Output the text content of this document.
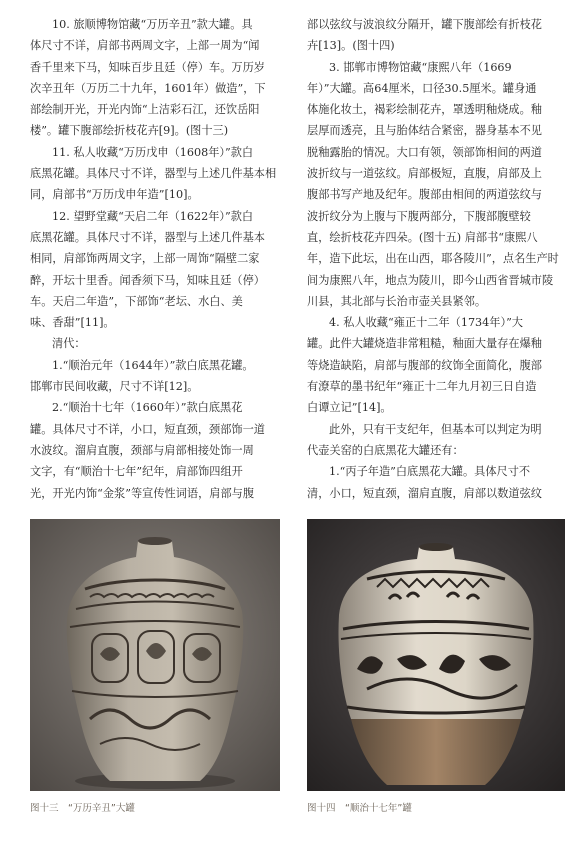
10. 旅顺博物馆藏“万历辛丑”款大罐。具
体尺寸不详，肩部书两周文字，上部一周为“闻
香千里来下马，知味百步且廷（停）车。万历岁
次辛丑年（万历二十九年，1601年）做造”，下
部绘制开光，开光内饰“上洁彩石江，还饮岳阳
楼”。罐下腹部绘折枝花卉[9]。(图十三)
11. 私人收藏“万历戊申（1608年）”款白
底黑花罐。具体尺寸不详，器型与上述几件基本相
同，肩部书“万历戊申年造”[10]。
12. 望野堂藏“天启二年（1622年）”款白
底黑花罐。具体尺寸不详，器型与上述几件基本
相同，肩部饰两周文字，上部一周饰“隔壁二家
醉，开坛十里香。闻香须下马，知味且廷（停）
车。天启二年造”，下部饰“老坛、水白、美
味、香甜”[11]。
清代：
1.“顺治元年（1644年）”款白底黑花罐。
邯郸市民间收藏，尺寸不详[12]。
2.“顺治十七年（1660年）”款白底黑花
罐。具体尺寸不详，小口，短直颈，颈部饰一道
水波纹。溜肩直腹，颈部与肩部相接处饰一周
文字，有“顺治十七年”纪年，肩部饰四组开
光，开光内饰“金浆”等宣传性词语，肩部与腹
部以弦纹与波浪纹分隔开，罐下腹部绘有折枝花
卉[13]。(图十四)
3. 邯郸市博物馆藏“康熙八年（1669
年）”大罐。高64厘米，口径30.5厘米。罐身通
体施化妆土，褐彩绘制花卉，罩透明釉烧成。釉
层厚而透亮，且与胎体结合紧密，器身基本不见
脱釉露胎的情况。大口有领，领部饰相间的两道
波折纹与一道弦纹。肩部极短，直腹，肩部及上
腹部书写产地及纪年。腹部由相间的两道弦纹与
波折纹分为上腹与下腹两部分，下腹部腹壁较
直，绘折枝花卉四朵。(图十五) 肩部书“康熙八
年，造下此坛，出在山西，耶各陵川”，点名生产时
间为康熙八年，地点为陵川，即今山西省晋城市陵
川县，其北部与长治市壶关县紧邻。
4. 私人收藏“雍正十二年（1734年）”大
罐。此件大罐烧造非常粗糙，釉面大量存在爆釉
等烧造缺陷，肩部与腹部的纹饰全面简化，腹部
有潦草的墨书纪年“雍正十二年九月初三日自造
白谭立记”[14]。
此外，只有干支纪年，但基本可以判定为明
代壶关窑的白底黑花大罐还有：
1.“丙子年造”白底黑花大罐。具体尺寸不
清，小口，短直颈，溜肩直腹，肩部以数道弦纹
图十三　“万历辛丑”大罐	图十四　“顺治十七年”罐
